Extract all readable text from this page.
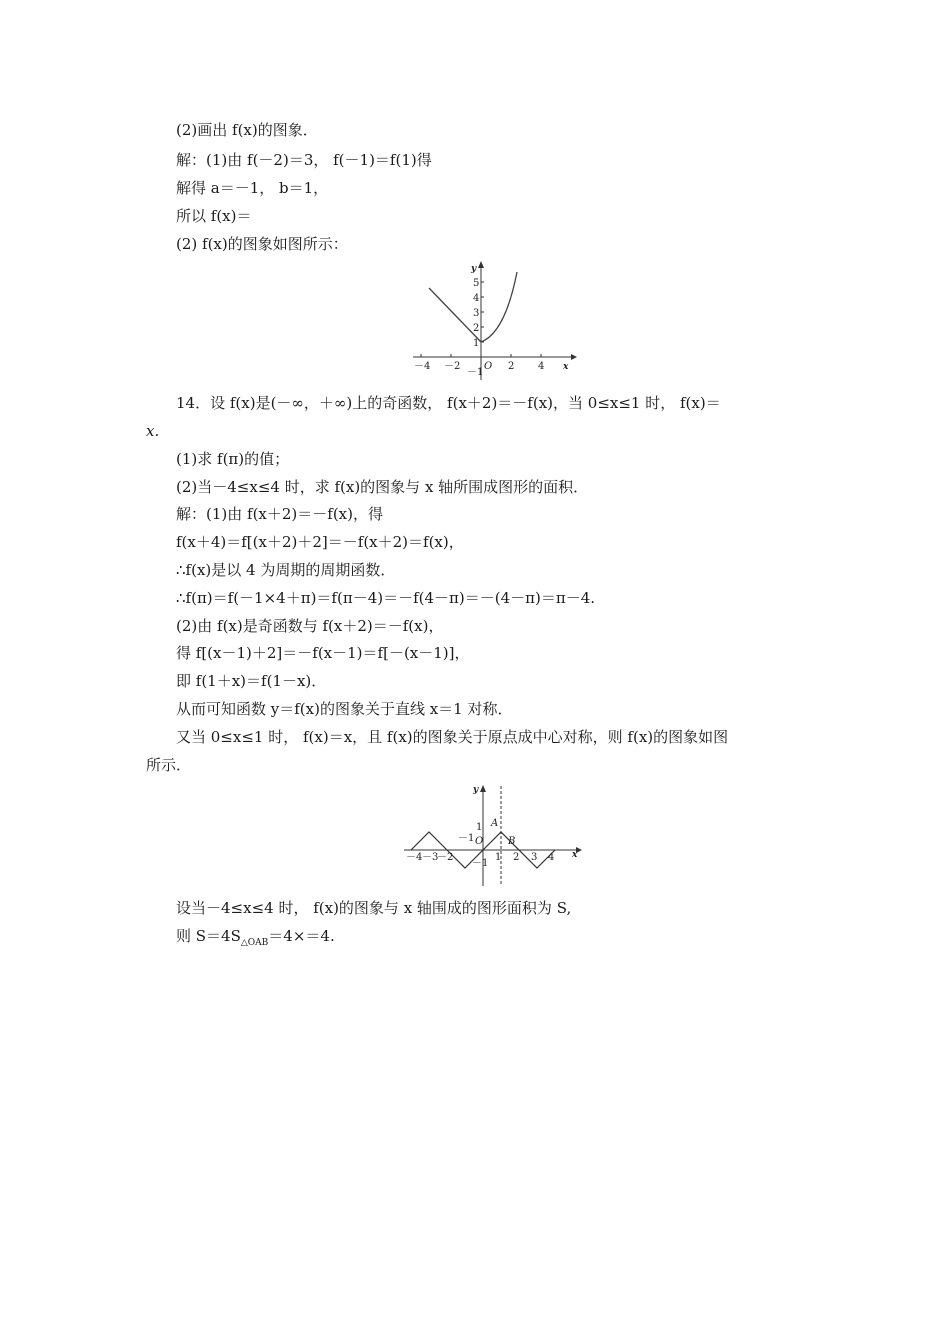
(2)画出 f(x)的图象．
解：(1)由 f(－2)＝3， f(－1)＝f(1)得
解得 a＝－1， b＝1，
所以 f(x)＝
(2) f(x)的图象如图所示：
－4 －2 O 2 4
5
4
3
2
1
－1	x
y
14．设 f(x)是(－∞，＋∞)上的奇函数， f(x＋2)＝－f(x)，当 0≤x≤1 时， f(x)＝
x.
(1)求 f(π)的值；
(2)当－4≤x≤4 时，求 f(x)的图象与 x 轴所围成图形的面积．
解：(1)由 f(x＋2)＝－f(x)，得
f(x＋4)＝f[(x＋2)＋2]＝－f(x＋2)＝f(x)，
∴f(x)是以 4 为周期的周期函数．
∴f(π)＝f(－1×4＋π)＝f(π－4)＝－f(4－π)＝－(4－π)＝π－4.
(2)由 f(x)是奇函数与 f(x＋2)＝－f(x)，
得 f[(x－1)＋2]＝－f(x－1)＝f[－(x－1)]，
即 f(1＋x)＝f(1－x)．
从而可知函数 y＝f(x)的图象关于直线 x＝1 对称．
又当 0≤x≤1 时， f(x)＝x，且 f(x)的图象关于原点成中心对称，则 f(x)的图象如图
所示．
－4 －3
－2
－1 O
1 2 3 4
1
－1
A
B
x
y
设当－4≤x≤4 时， f(x)的图象与 x 轴围成的图形面积为 S,
则 $S=4S_{\triangle OAB}=4\times=4$.
